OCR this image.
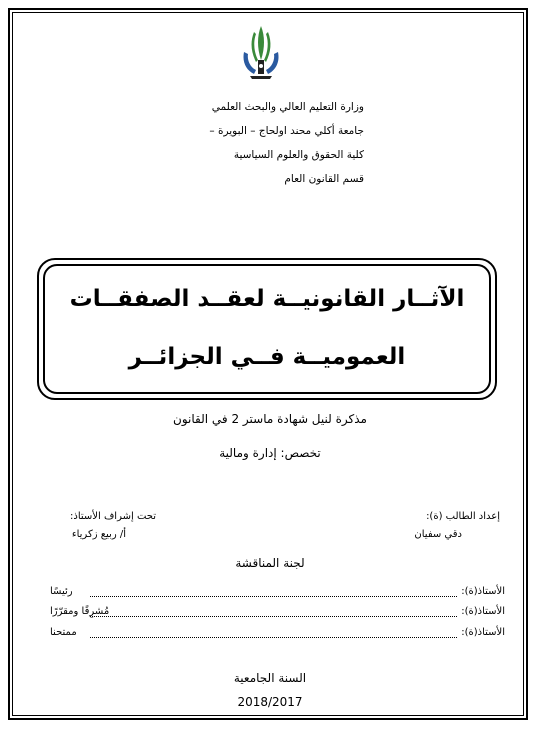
وزارة التعليم العالي والبحث العلمي
جامعة أكلي محند اولحاج – البويرة –
كلية الحقوق والعلوم السياسية
قسم القانون العام
الآثــار القانونيــة لعقــد الصفقــات
العموميــة فــي الجزائــر
مذكرة لنيل شهادة ماستر 2 في القانون
تخصص: إدارة ومالية
إعداد الطالب (ة):
دقي سفيان
تحت إشراف الأستاذ:
أ/ ربيع زكرياء
لجنة المناقشة
الأستاذ(ة):
رئيسًا
الأستاذ(ة):
مُشرِفًا ومقرّرًا
الأستاذ(ة):
ممتحنا
السنة الجامعية
2018/2017
